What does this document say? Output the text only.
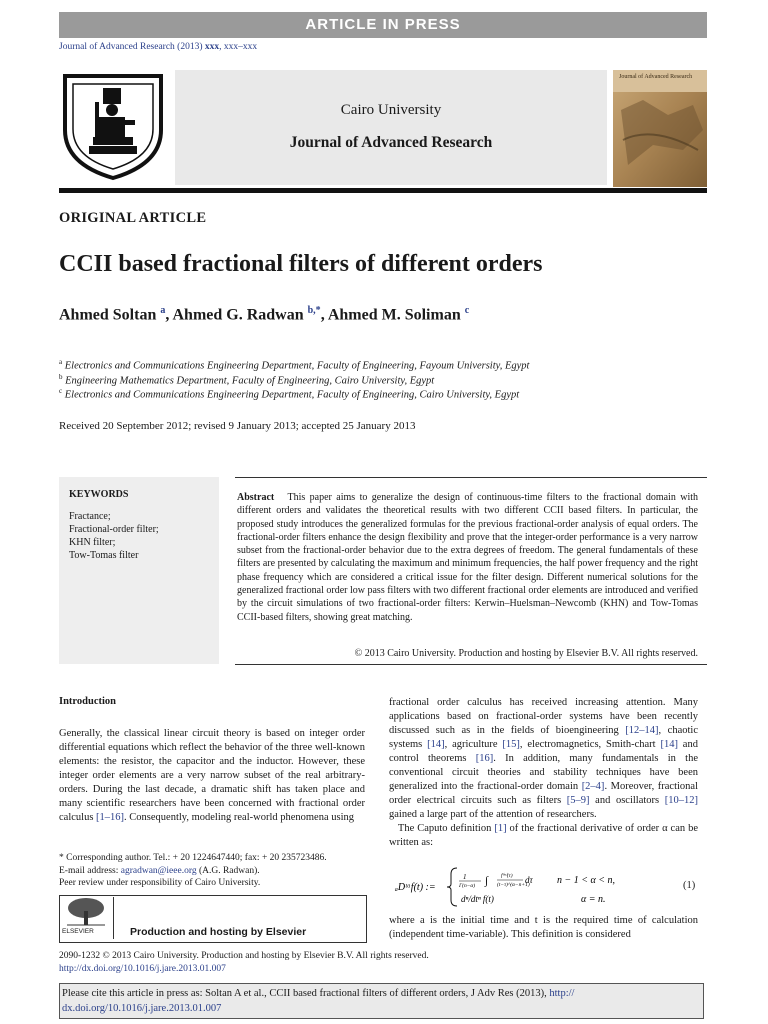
ARTICLE IN PRESS
Journal of Advanced Research (2013) xxx, xxx–xxx
Cairo University
Journal of Advanced Research
Journal of Advanced Research
ORIGINAL ARTICLE
CCII based fractional filters of different orders
Ahmed Soltan $^a$, Ahmed G. Radwan $^{b,*}$, Ahmed M. Soliman $^c$
$^a$ Electronics and Communications Engineering Department, Faculty of Engineering, Fayoum University, Egypt
$^b$ Engineering Mathematics Department, Faculty of Engineering, Cairo University, Egypt
$^c$ Electronics and Communications Engineering Department, Faculty of Engineering, Cairo University, Egypt
Received 20 September 2012; revised 9 January 2013; accepted 25 January 2013
KEYWORDS
Fractance;
Fractional-order filter;
KHN filter;
Tow-Tomas filter
Abstract This paper aims to generalize the design of continuous-time filters to the fractional domain with different orders and validates the theoretical results with two different CCII based filters. In particular, the proposed study introduces the generalized formulas for the previous fractional-order analysis of equal orders. The fractional-order filters enhance the design flexibility and prove that the integer-order performance is a very narrow subset from the fractional-order behavior due to the extra degrees of freedom. The general fundamentals of these filters are presented by calculating the maximum and minimum frequencies, the half power frequency and the right phase frequency which are considered a critical issue for the filter design. Different numerical solutions for the generalized fractional order low pass filters with two different fractional order elements are introduced and verified by the circuit simulations of two fractional-order filters: Kerwin–Huelsman–Newcomb (KHN) and Tow-Tomas CCII-based filters, showing great matching.
© 2013 Cairo University. Production and hosting by Elsevier B.V. All rights reserved.
Introduction
Generally, the classical linear circuit theory is based on integer order differential equations which reflect the behavior of the three well-known elements: the resistor, the capacitor and the inductor. However, these integer order elements are a very narrow subset of the real arbitrary-orders. During the last decade, a dramatic shift has taken place and many scientific researchers have been concerned with fractional order calculus [1–16]. Consequently, modeling real-world phenomena using
fractional order calculus has received increasing attention. Many applications based on fractional-order systems have been recently discussed such as in the fields of bioengineering [12–14], chaotic systems [14], agriculture [15], electromagnetics, Smith-chart [14] and control theorems [16]. In addition, many fundamentals in the conventional circuit theories and stability techniques have been generalized into the fractional-order domain [2–4]. Moreover, fractional order electrical circuits such as filters [5–9] and oscillators [10–12] gained a large part of the attention of researchers.
The Caputo definition [1] of the fractional derivative of order α can be written as:
ₐDᵗᵅf(t) :=
1
Γ(n−α) ∫ f⁽ⁿ⁾(τ)
(t−τ)^(α−n+1)
dτ
dⁿ/dtⁿ f(t)
n − 1 < α < n,
α = n.
(1)
where a is the initial time and t is the required time of calculation (independent time-variable). This definition is considered
* Corresponding author. Tel.: + 20 1224647440; fax: + 20 235723486.
E-mail address: agradwan@ieee.org (A.G. Radwan).
Peer review under responsibility of Cairo University.
ELSEVIER	Production and hosting by Elsevier
2090-1232 © 2013 Cairo University. Production and hosting by Elsevier B.V. All rights reserved.
http://dx.doi.org/10.1016/j.jare.2013.01.007
Please cite this article in press as: Soltan A et al., CCII based fractional filters of different orders, J Adv Res (2013), http://
dx.doi.org/10.1016/j.jare.2013.01.007
